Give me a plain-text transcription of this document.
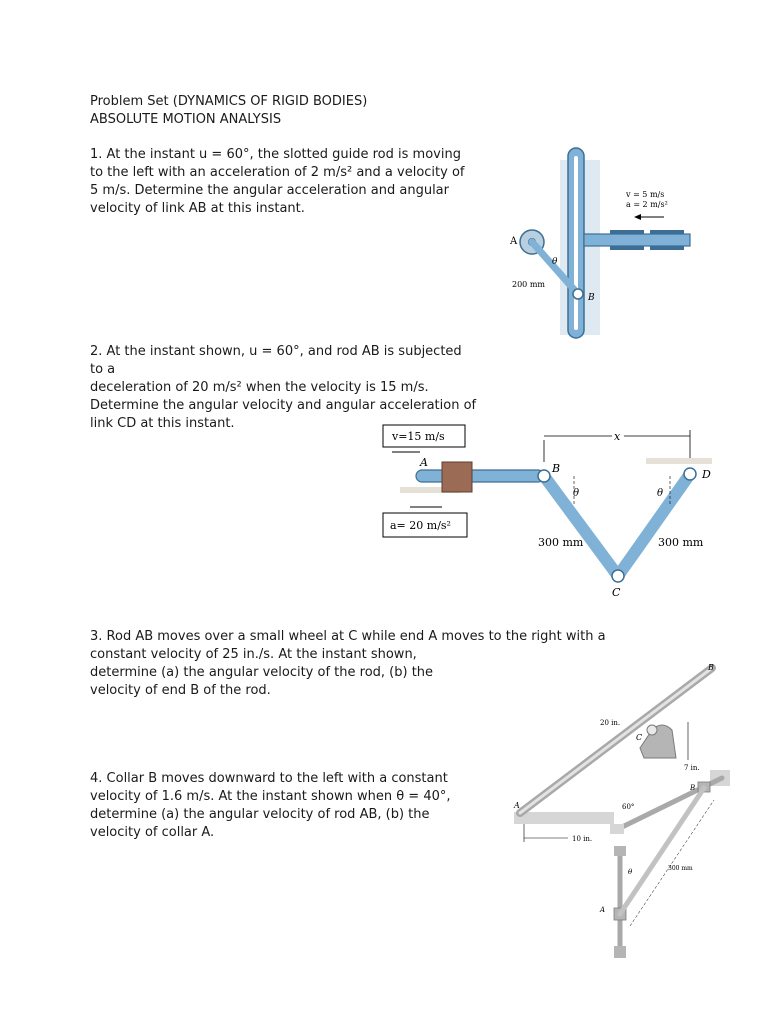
Problem Set (DYNAMICS OF RIGID BODIES)
ABSOLUTE MOTION ANALYSIS
1. At the instant u = 60°, the slotted guide rod is moving
to the left with an acceleration of 2 m/s² and a velocity of
5 m/s. Determine the angular acceleration and angular
velocity of link AB at this instant.
2. At the instant shown, u = 60°, and rod AB is subjected
to a
deceleration of 20 m/s² when the velocity is 15 m/s.
Determine the angular velocity and angular acceleration of
link CD at this instant.
3. Rod AB moves over a small wheel at C while end A moves to the right with a
constant velocity of 25 in./s. At the instant shown,
determine (a) the angular velocity of the rod, (b) the
velocity of end B of the rod.
4. Collar B moves downward to the left with a constant
velocity of 1.6 m/s. At the instant shown when θ = 40°,
determine (a) the angular velocity of rod AB, (b) the
velocity of collar A.
A
B
θ
200 mm
v = 5 m/s
a = 2 m/s²
v=15 m/s
a= 20 m/s²
x
A	B
C
D
θ	θ
300 mm	300 mm
A
B
C
20 in.
7 in.
10 in.
A
B
60°
θ	300 mm
